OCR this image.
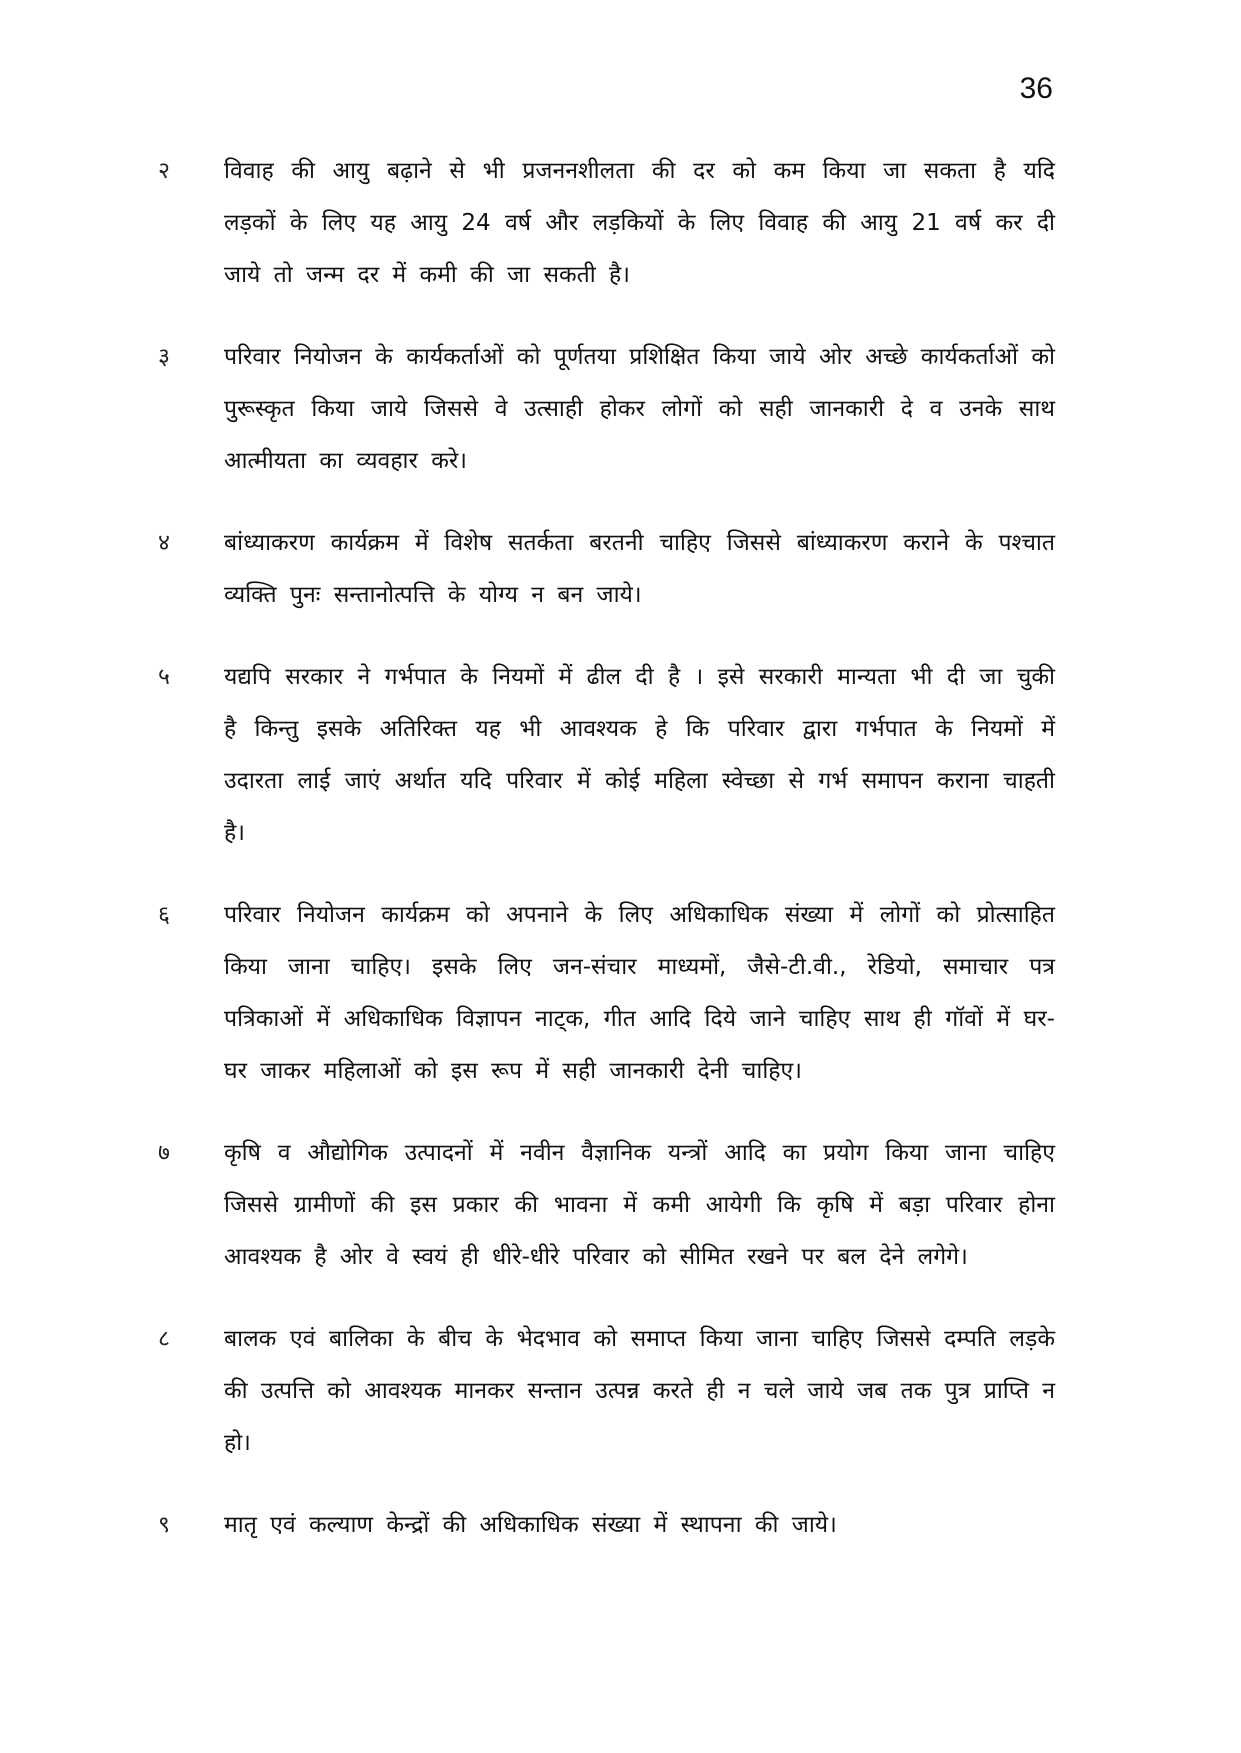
36
२	विवाह की आयु बढ़ाने से भी प्रजननशीलता की दर को कम किया जा सकता है यदि लड़कों के लिए यह आयु 24 वर्ष और लड़कियों के लिए विवाह की आयु 21 वर्ष कर दी जाये तो जन्म दर में कमी की जा सकती है।
३	परिवार नियोजन के कार्यकर्ताओं को पूर्णतया प्रशिक्षित किया जाये ओर अच्छे कार्यकर्ताओं को पुरूस्कृत किया जाये जिससे वे उत्साही होकर लोगों को सही जानकारी दे व उनके साथ आत्मीयता का व्यवहार करे।
४	बांध्याकरण कार्यक्रम में विशेष सतर्कता बरतनी चाहिए जिससे बांध्याकरण कराने के पश्चात व्यक्ति पुनः सन्तानोत्पत्ति के योग्य न बन जाये।
५	यद्यपि सरकार ने गर्भपात के नियमों में ढील दी है । इसे सरकारी मान्यता भी दी जा चुकी है किन्तु इसके अतिरिक्त यह भी आवश्यक हे कि परिवार द्वारा गर्भपात के नियमों में उदारता लाई जाएं अर्थात यदि परिवार में कोई महिला स्वेच्छा से गर्भ समापन कराना चाहती है।
६	परिवार नियोजन कार्यक्रम को अपनाने के लिए अधिकाधिक संख्या में लोगों को प्रोत्साहित किया जाना चाहिए। इसके लिए जन-संचार माध्यमों, जैसे-टी.वी., रेडियो, समाचार पत्र पत्रिकाओं में अधिकाधिक विज्ञापन नाट्क, गीत आदि दिये जाने चाहिए साथ ही गॉवों में घर-घर जाकर महिलाओं को इस रूप में सही जानकारी देनी चाहिए।
७	कृषि व औद्योगिक उत्पादनों में नवीन वैज्ञानिक यन्त्रों आदि का प्रयोग किया जाना चाहिए जिससे ग्रामीणों की इस प्रकार की भावना में कमी आयेगी कि कृषि में बड़ा परिवार होना आवश्यक है ओर वे स्वयं ही धीरे-धीरे परिवार को सीमित रखने पर बल देने लगेगे।
८	बालक एवं बालिका के बीच के भेदभाव को समाप्त किया जाना चाहिए जिससे दम्पति लड़के की उत्पत्ति को आवश्यक मानकर सन्तान उत्पन्न करते ही न चले जाये जब तक पुत्र प्राप्ति न हो।
९	मातृ एवं कल्याण केन्द्रों की अधिकाधिक संख्या में स्थापना की जाये।
